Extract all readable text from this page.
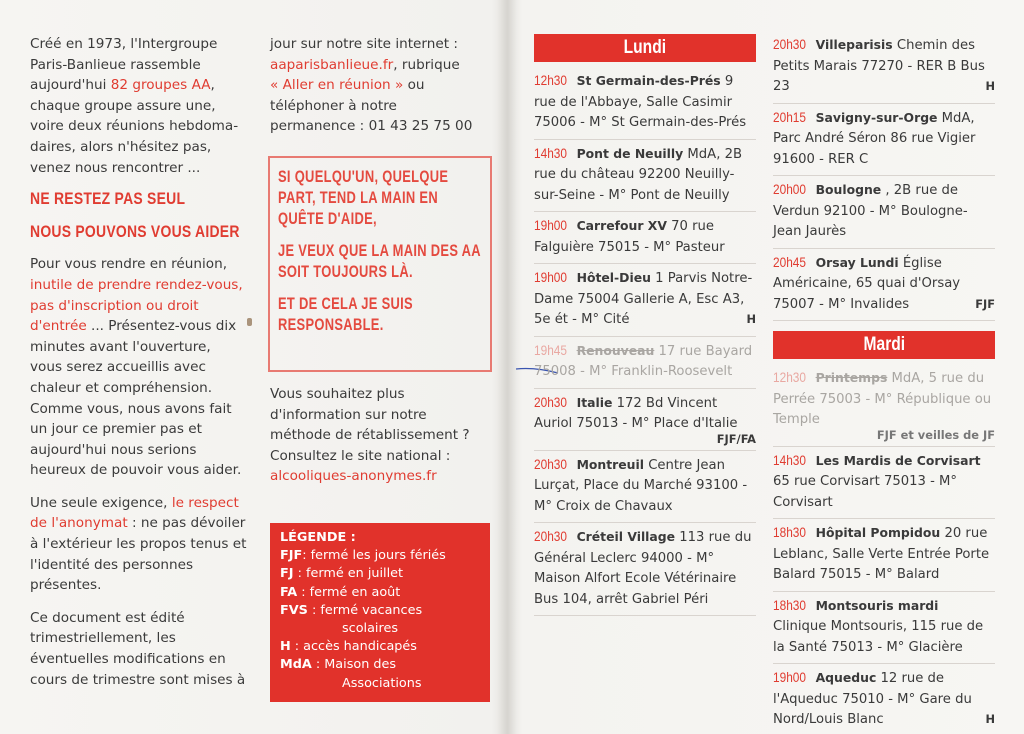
Créé en 1973, l'Intergroupe
Paris-Banlieue rassemble
aujourd'hui 82 groupes AA,
chaque groupe assure une,
voire deux réunions hebdoma-
daires, alors n'hésitez pas,
venez nous rencontrer ...
NE RESTEZ PAS SEUL
NOUS POUVONS VOUS AIDER
Pour vous rendre en réunion,
inutile de prendre rendez-vous,
pas d'inscription ou droit
d'entrée ... Présentez-vous dix
minutes avant l'ouverture,
vous serez accueillis avec
chaleur et compréhension.
Comme vous, nous avons fait
un jour ce premier pas et
aujourd'hui nous serions
heureux de pouvoir vous aider.
Une seule exigence, le respect
de l'anonymat : ne pas dévoiler
à l'extérieur les propos tenus et
l'identité des personnes
présentes.
Ce document est édité
trimestriellement, les
éventuelles modifications en
cours de trimestre sont mises à
jour sur notre site internet :
aaparisbanlieue.fr, rubrique
« Aller en réunion » ou
téléphoner à notre
permanence : 01 43 25 75 00
SI QUELQU'UN, QUELQUE PART, TEND LA MAIN EN QUÊTE D'AIDE,
JE VEUX QUE LA MAIN DES AA SOIT TOUJOURS LÀ.
ET DE CELA JE SUIS RESPONSABLE.
Vous souhaitez plus
d'information sur notre
méthode de rétablissement ?
Consultez le site national :
alcooliques-anonymes.fr
LÉGENDE :
FJF: fermé les jours fériés
FJ : fermé en juillet
FA : fermé en août
FVS : fermé vacances
scolaires
H : accès handicapés
MdA : Maison des
Associations
Lundi
12h30 St Germain-des-Prés 9 rue de l'Abbaye, Salle Casimir 75006 - M° St Germain-des-Prés
14h30 Pont de Neuilly MdA, 2B rue du château 92200 Neuilly-sur-Seine - M° Pont de Neuilly
19h00 Carrefour XV 70 rue Falguière 75015 - M° Pasteur
19h00 Hôtel-Dieu 1 Parvis Notre-Dame 75004 Gallerie A, Esc A3, 5e ét - M° Cité	H
19h45 Renouveau 17 rue Bayard 75008 - M° Franklin-Roosevelt
20h30 Italie 172 Bd Vincent Auriol 75013 - M° Place d'Italie
FJF/FA
20h30 Montreuil Centre Jean Lurçat, Place du Marché 93100 - M° Croix de Chavaux
20h30 Créteil Village 113 rue du Général Leclerc 94000 - M° Maison Alfort Ecole Vétérinaire Bus 104, arrêt Gabriel Péri
20h30 Villeparisis Chemin des Petits Marais 77270 - RER B Bus 23	H
20h15 Savigny-sur-Orge MdA, Parc André Séron 86 rue Vigier 91600 - RER C
20h00 Boulogne , 2B rue de Verdun 92100 - M° Boulogne-Jean Jaurès
20h45 Orsay Lundi Église Américaine, 65 quai d'Orsay 75007 - M° Invalides	FJF
Mardi
12h30 Printemps MdA, 5 rue du Perrée 75003 - M° République ou Temple
FJF et veilles de JF
14h30 Les Mardis de Corvisart 65 rue Corvisart 75013 - M° Corvisart
18h30 Hôpital Pompidou 20 rue Leblanc, Salle Verte Entrée Porte Balard 75015 - M° Balard
18h30 Montsouris mardi Clinique Montsouris, 115 rue de la Santé 75013 - M° Glacière
19h00 Aqueduc 12 rue de l'Aqueduc 75010 - M° Gare du Nord/Louis Blanc	H
